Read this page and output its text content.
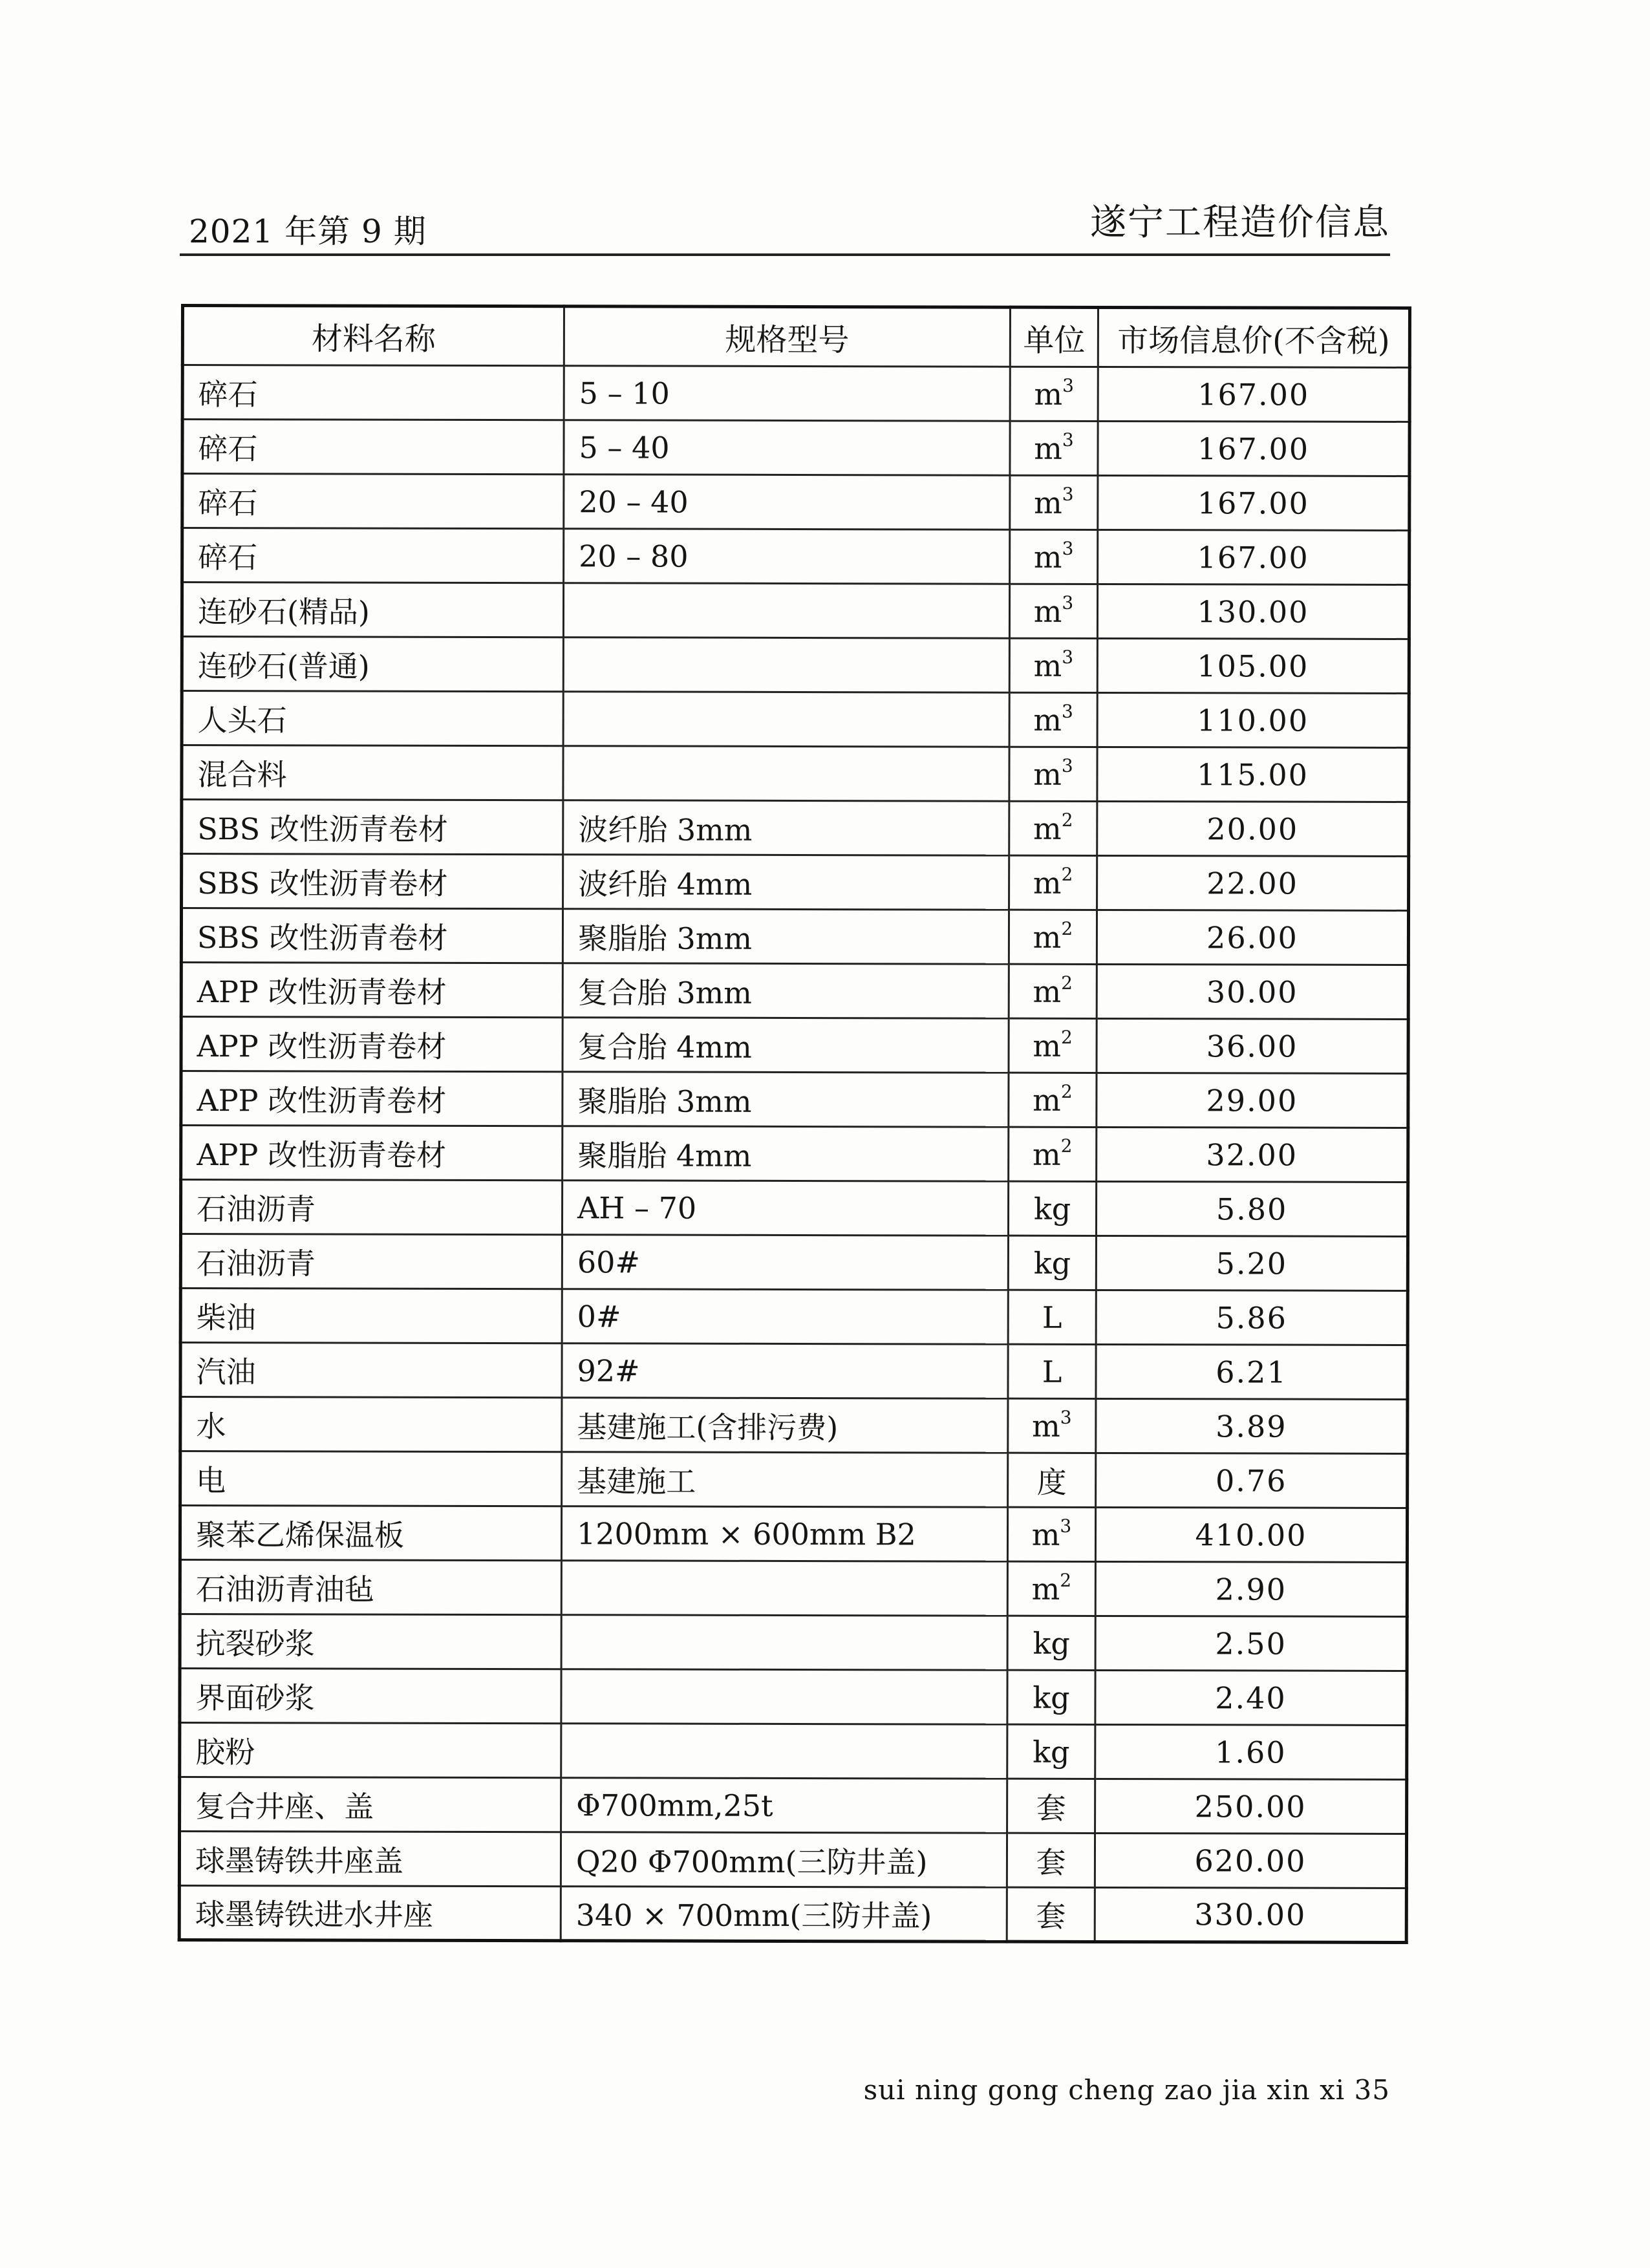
2021 年第 9 期	遂宁工程造价信息
材料名称	规格型号	单位	市场信息价(不含税)
碎石	5 – 10	$m^3$	167.00
碎石	5 – 40	$m^3$	167.00
碎石	20 – 40	$m^3$	167.00
碎石	20 – 80	$m^3$	167.00
连砂石(精品)		$m^3$	130.00
连砂石(普通)		$m^3$	105.00
人头石		$m^3$	110.00
混合料		$m^3$	115.00
SBS 改性沥青卷材	波纤胎 3mm	$m^2$	20.00
SBS 改性沥青卷材	波纤胎 4mm	$m^2$	22.00
SBS 改性沥青卷材	聚脂胎 3mm	$m^2$	26.00
APP 改性沥青卷材	复合胎 3mm	$m^2$	30.00
APP 改性沥青卷材	复合胎 4mm	$m^2$	36.00
APP 改性沥青卷材	聚脂胎 3mm	$m^2$	29.00
APP 改性沥青卷材	聚脂胎 4mm	$m^2$	32.00
石油沥青	AH – 70	kg	5.80
石油沥青	60#	kg	5.20
柴油	0#	L	5.86
汽油	92#	L	6.21
水	基建施工(含排污费)	$m^3$	3.89
电	基建施工	度	0.76
聚苯乙烯保温板	1200mm × 600mm B2	$m^3$	410.00
石油沥青油毡		$m^2$	2.90
抗裂砂浆		kg	2.50
界面砂浆		kg	2.40
胶粉		kg	1.60
复合井座、盖	Φ700mm,25t	套	250.00
球墨铸铁井座盖	Q20 Φ700mm(三防井盖)	套	620.00
球墨铸铁进水井座	340 × 700mm(三防井盖)	套	330.00
sui ning gong cheng zao jia xin xi 35
